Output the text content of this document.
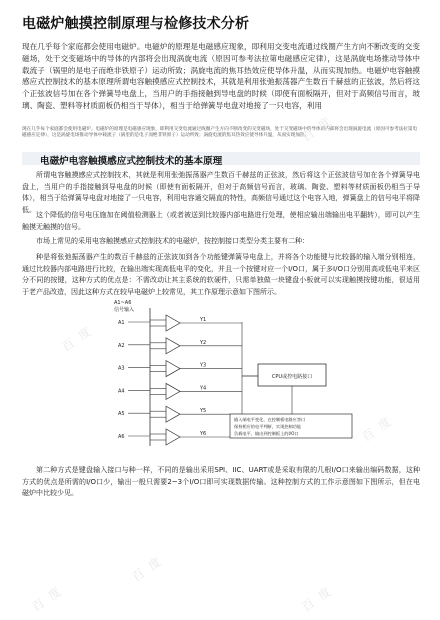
电磁炉触摸控制原理与检修技术分析

现在几乎每个家庭都会使用电磁炉。电磁炉的原理是电磁感应现象，即利用交变电流通过线圈产生方向不断改变的交变磁场，处于交变磁场中的导体的内部将会出现涡旋电流（原因可参考法拉第电磁感应定律），这是涡旋电场推动导体中载流子（锅里的是电子而绝非铁原子）运动所致；涡旋电流的焦耳热效应使导体升温，从而实现加热。电磁炉电容触摸感应式控制技术的基本原理所谓电容触摸感应式控制技术，其就是利用张弛振荡器产生数百千赫兹的正弦波，然后将这个正弦波信号加在各个弹簧导电盘上，当用户的手指接触到导电盘的时候（即使有面板隔开，但对于高频信号而言，玻璃、陶瓷、塑料等材质面板仍相当于导体），相当于给弹簧导电盘对地接了一只电容，利用

现在几乎每个家庭都会使用电磁炉。电磁炉的原理是电磁感应现象，即利用交变电流通过线圈产生方向不断改变的交变磁场，处于交变磁场中的导体的内部将会出现涡旋电流（原因可参考法拉第电磁感应定律），这是涡旋电场推动导体中载流子（锅里的是电子而绝非铁原子）运动所致；涡旋电流的焦耳热效应使导体升温，从而实现加热。

电磁炉电容触摸感应式控制技术的基本原理

所谓电容触摸感应式控制技术，其就是利用张弛振荡器产生数百千赫兹的正弦波，然后将这个正弦波信号加在各个弹簧导电盘上，当用户的手指接触到导电盘的时候（即使有面板隔开，但对于高频信号而言，玻璃、陶瓷、塑料等材质面板仍相当于导体），相当于给弹簧导电盘对地接了一只电容，利用电容通交隔直的特性，高频信号通过这个电容入地，弹簧盘上的信号电平将降低。

这个降低的信号电压施加在阈值检测器上（或者被送到比较器内部电路进行处理，使相应输出端输出电平翻转），即可以产生触摸无触摸的信号。

市场上常见的采用电容触摸感应式控制技术的电磁炉，按控制接口类型分类主要有二种：

种是将张弛振荡器产生的数百千赫兹的正弦波加到各个功能键弹簧导电盘上，并将各个功能键与比较器的输入端分别相连，通过比较器内部电路进行比较，在输出端实现高低电平的变化，并且一个按键对应一个I/O口，属于多I/O口分别用高或低电平来区分不同的按键，这种方式的优点是：不需改动让其主系统的软硬件，只需单独做一块键盘小板就可以实现触摸按键功能，很适用于老产品改造，因此这种方式在较早电磁炉上较常见，其工作原理示意如下图所示。

A1~A6
信号输入
A1	Y1
A2	Y2
A3	Y3
A4	Y4
A5	Y5
A6	Y6
CPU或控电路接口
输入端电平变化，在控制板电路应答口
保持相应的电平判断，实现控制功能
负载电平，输出到控制板上的I/O口

第二种方式是键盘输入接口与种一样，不同的是输出采用SPI、IIC、UART或是采取有限的几根I/O口来输出编码数据，这种方式的优点是所需的I/O口少，输出一般只需要2~3个I/O口即可实现数据传输。这种控制方式的工作示意图如下图所示，但在电磁炉中比较少见。

百 度
百 度
百 度
百 度
百 度
百 度
